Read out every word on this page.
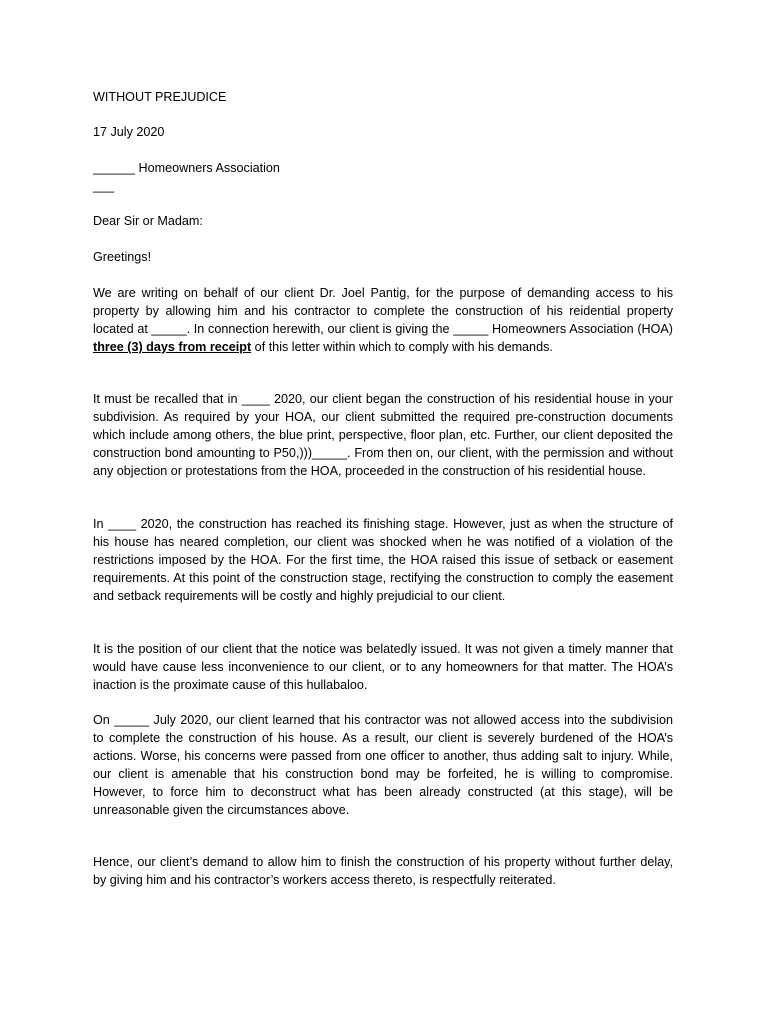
WITHOUT PREJUDICE

17 July 2020

______ Homeowners Association

___

Dear Sir or Madam:

Greetings!

We are writing on behalf of our client Dr. Joel Pantig, for the purpose of demanding access to his property by allowing him and his contractor to complete the construction of his reidential property located at _____. In connection herewith, our client is giving the _____ Homeowners Association (HOA) three (3) days from receipt of this letter within which to comply with his demands.

It must be recalled that in ____ 2020, our client began the construction of his residential house in your subdivision. As required by your HOA, our client submitted the required pre-construction documents which include among others, the blue print, perspective, floor plan, etc. Further, our client deposited the construction bond amounting to P50,)))_____. From then on, our client, with the permission and without any objection or protestations from the HOA, proceeded in the construction of his residential house.

In ____ 2020, the construction has reached its finishing stage. However, just as when the structure of his house has neared completion, our client was shocked when he was notified of a violation of the restrictions imposed by the HOA. For the first time, the HOA raised this issue of setback or easement requirements. At this point of the construction stage, rectifying the construction to comply the easement and setback requirements will be costly and highly prejudicial to our client.

It is the position of our client that the notice was belatedly issued. It was not given a timely manner that would have cause less inconvenience to our client, or to any homeowners for that matter. The HOA’s inaction is the proximate cause of this hullabaloo.

On _____ July 2020, our client learned that his contractor was not allowed access into the subdivision to complete the construction of his house. As a result, our client is severely burdened of the HOA’s actions. Worse, his concerns were passed from one officer to another, thus adding salt to injury. While, our client is amenable that his construction bond may be forfeited, he is willing to compromise. However, to force him to deconstruct what has been already constructed (at this stage), will be unreasonable given the circumstances above.

Hence, our client’s demand to allow him to finish the construction of his property without further delay, by giving him and his contractor’s workers access thereto, is respectfully reiterated.
